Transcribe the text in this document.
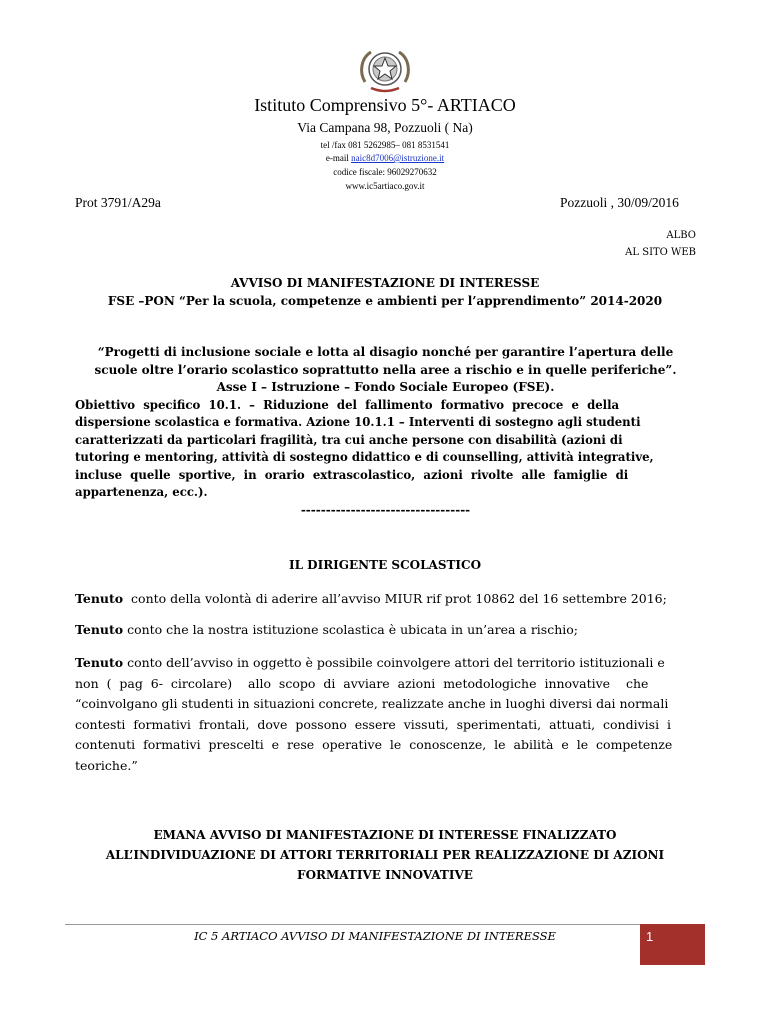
Istituto Comprensivo 5°- ARTIACO
Via Campana 98, Pozzuoli ( Na)
tel /fax 081 5262985– 081 8531541
e-mail naic8d7006@istruzione.it
codice fiscale: 96029270632
www.ic5artiaco.gov.it
Prot 3791/A29a	Pozzuoli , 30/09/2016
ALBO
AL SITO WEB
AVVISO DI MANIFESTAZIONE DI INTERESSE
FSE –PON “Per la scuola, competenze e ambienti per l’apprendimento” 2014-2020
“Progetti di inclusione sociale e lotta al disagio nonché per garantire l’apertura delle
scuole oltre l’orario scolastico soprattutto nella aree a rischio e in quelle periferiche”.
Asse I – Istruzione – Fondo Sociale Europeo (FSE).
Obiettivo  specifico  10.1.  –  Riduzione  del  fallimento  formativo  precoce  e  della
dispersione scolastica e formativa. Azione 10.1.1 – Interventi di sostegno agli studenti
caratterizzati da particolari fragilità, tra cui anche persone con disabilità (azioni di
tutoring e mentoring, attività di sostegno didattico e di counselling, attività integrative,
incluse  quelle  sportive,  in  orario  extrascolastico,  azioni  rivolte  alle  famiglie  di
appartenenza, ecc.).
----------------------------------
IL DIRIGENTE SCOLASTICO
Tenuto  conto della volontà di aderire all’avviso MIUR rif prot 10862 del 16 settembre 2016;
Tenuto conto che la nostra istituzione scolastica è ubicata in un’area a rischio;
Tenuto conto dell’avviso in oggetto è possibile coinvolgere attori del territorio istituzionali e
non  (  pag  6-  circolare)    allo  scopo  di  avviare  azioni  metodologiche  innovative    che
“coinvolgano gli studenti in situazioni concrete, realizzate anche in luoghi diversi dai normali
contesti  formativi  frontali,  dove  possono  essere  vissuti,  sperimentati,  attuati,  condivisi  i
contenuti  formativi  prescelti  e  rese  operative  le  conoscenze,  le  abilità  e  le  competenze
teoriche.”
EMANA AVVISO DI MANIFESTAZIONE DI INTERESSE FINALIZZATO
ALL’INDIVIDUAZIONE DI ATTORI TERRITORIALI PER REALIZZAZIONE DI AZIONI
FORMATIVE INNOVATIVE
IC 5 ARTIACO AVVISO DI MANIFESTAZIONE DI INTERESSE	1
